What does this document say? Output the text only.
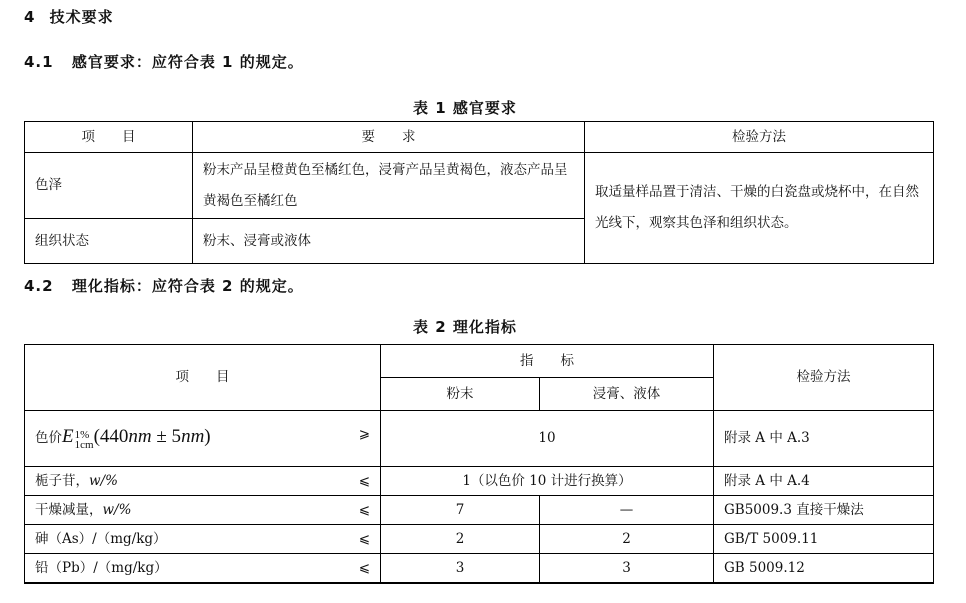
4 技术要求
4.1 感官要求：应符合表 1 的规定。
表 1 感官要求
项　　目	要　　求	检验方法
色泽	粉末产品呈橙黄色至橘红色，浸膏产品呈黄褐色，液态产品呈黄褐色至橘红色	取适量样品置于清洁、干燥的白瓷盘或烧杯中，在自然光线下，观察其色泽和组织状态。
组织状态	粉末、浸膏或液体	
4.2 理化指标：应符合表 2 的规定。
表 2 理化指标
项　　目	指　　标		检验方法
	粉末	浸膏、液体	
色价E 1%
1cm (440nm ± 5nm) ⩾	10		附录 A 中 A.3
栀子苷，w/% ⩽	1（以色价 10 计进行换算）		附录 A 中 A.4
干燥减量，w/% ⩽	7	—	GB5009.3 直接干燥法
砷（As）/（mg/kg） ⩽	2	2	GB/T 5009.11
铅（Pb）/（mg/kg） ⩽	3	3	GB 5009.12
